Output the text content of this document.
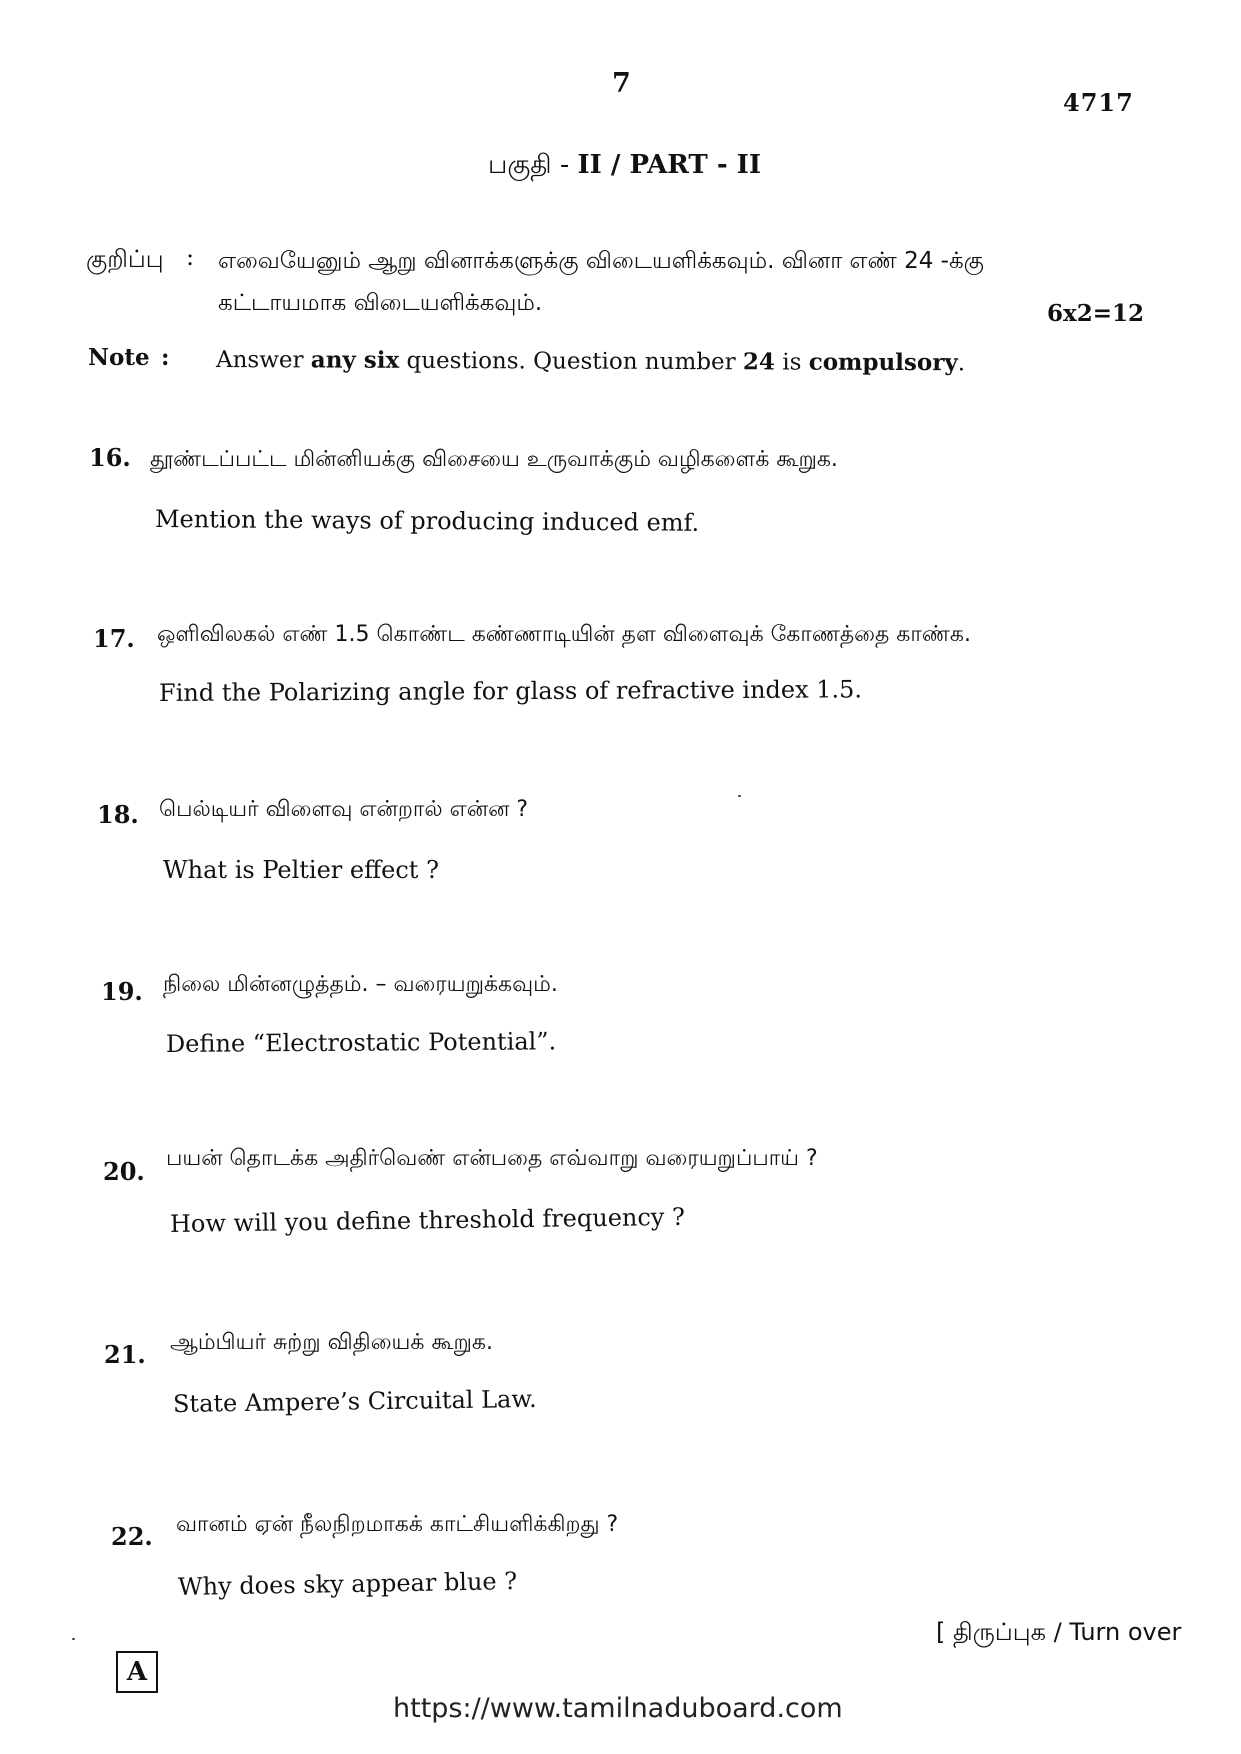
7
4717
பகுதி - II / PART - II
குறிப்பு : எவையேனும் ஆறு வினாக்களுக்கு விடையளிக்கவும். வினா எண் 24 -க்கு
கட்டாயமாக விடையளிக்கவும்.	6x2=12
Note : Answer any six questions. Question number 24 is compulsory.
16. தூண்டப்பட்ட மின்னியக்கு விசையை உருவாக்கும் வழிகளைக் கூறுக.
Mention the ways of producing induced emf.
17. ஒளிவிலகல் எண் 1.5 கொண்ட கண்ணாடியின் தள விளைவுக் கோணத்தை காண்க.
Find the Polarizing angle for glass of refractive index 1.5.
18. பெல்டியர் விளைவு என்றால் என்ன ?
What is Peltier effect ?
19. நிலை மின்னழுத்தம். – வரையறுக்கவும்.
Define “Electrostatic Potential”.
20. பயன் தொடக்க அதிர்வெண் என்பதை எவ்வாறு வரையறுப்பாய் ?
How will you define threshold frequency ?
21. ஆம்பியர் சுற்று விதியைக் கூறுக.
State Ampere’s Circuital Law.
22. வானம் ஏன் நீலநிறமாகக் காட்சியளிக்கிறது ?
Why does sky appear blue ?
[ திருப்புக / Turn over
A
https://www.tamilnaduboard.com
